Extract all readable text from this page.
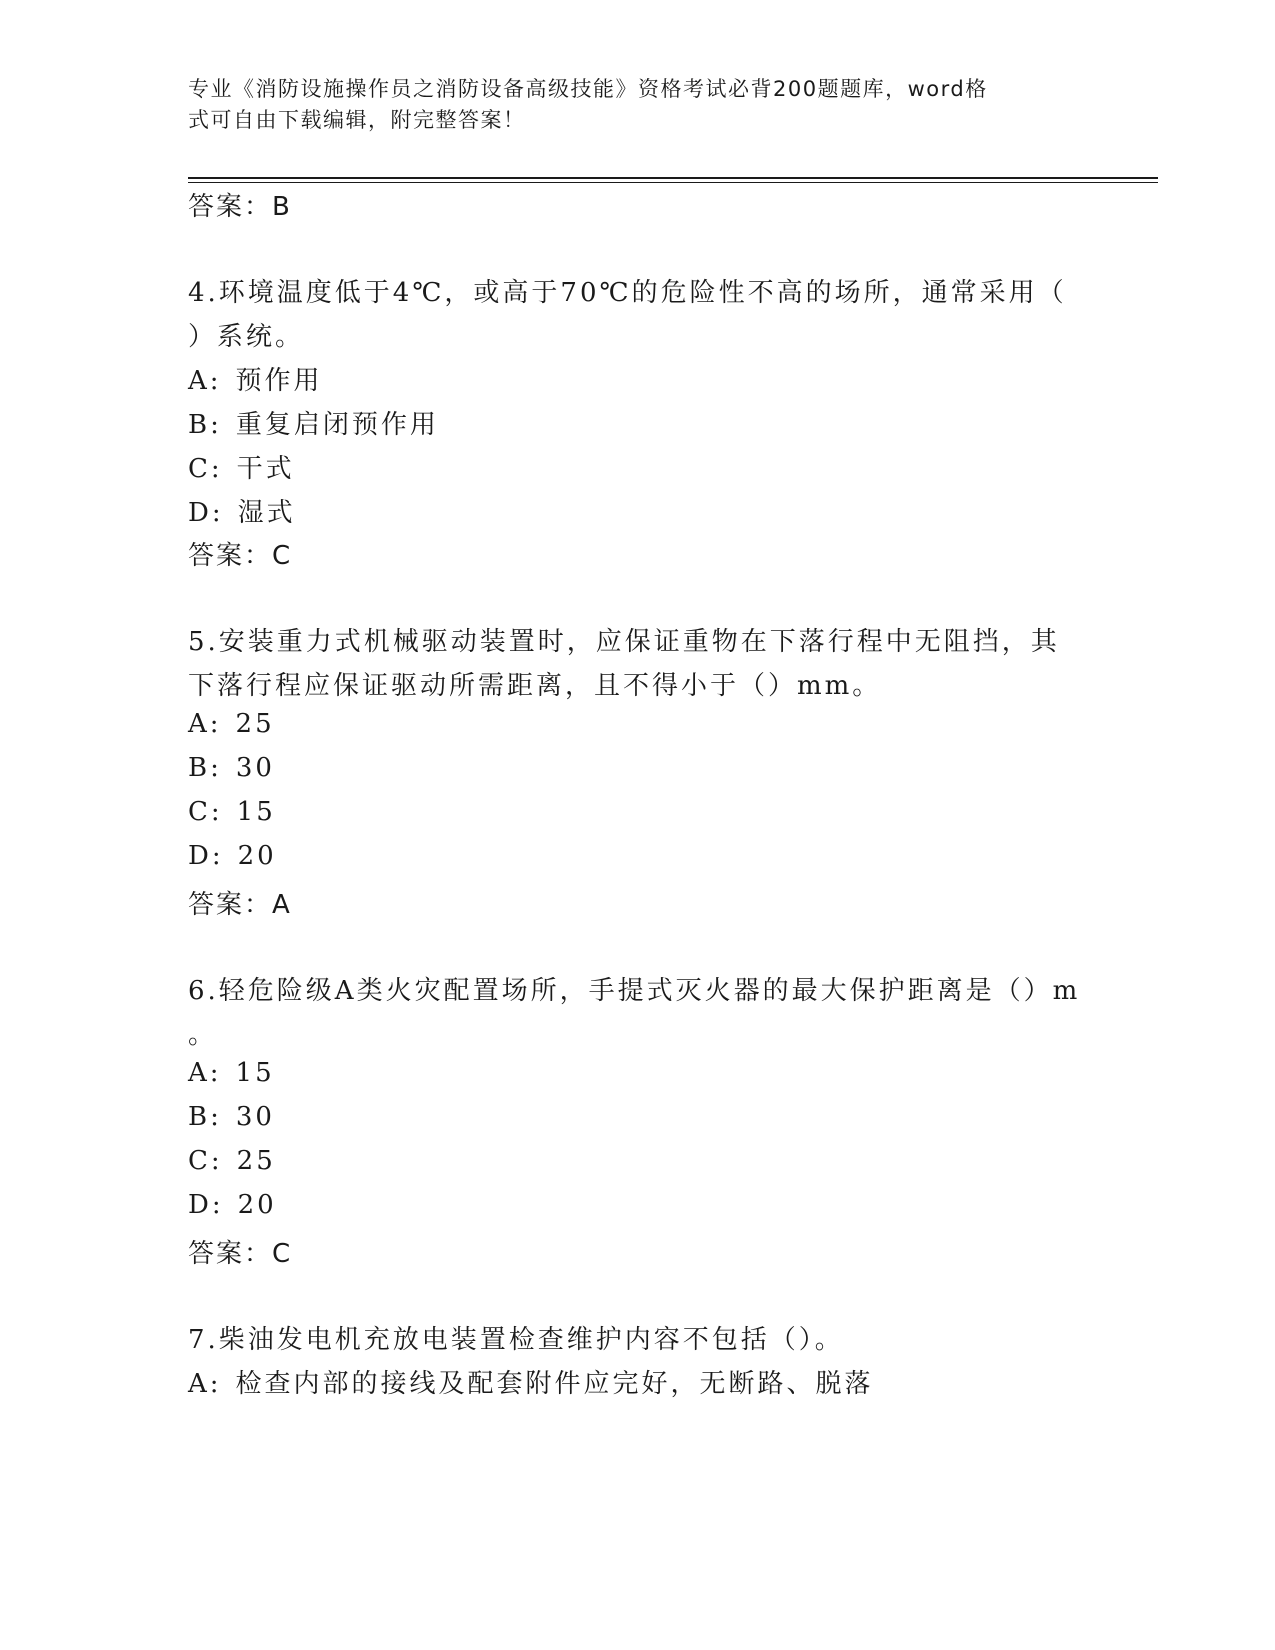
专业《消防设施操作员之消防设备高级技能》资格考试必背200题题库，word格
式可自由下载编辑，附完整答案！
答案：B
4.环境温度低于4℃，或高于70℃的危险性不高的场所，通常采用（
）系统。
A: 预作用
B: 重复启闭预作用
C: 干式
D: 湿式
答案：C
5.安装重力式机械驱动装置时，应保证重物在下落行程中无阻挡，其
下落行程应保证驱动所需距离，且不得小于（）mm。
A: 25
B: 30
C: 15
D: 20
答案：A
6.轻危险级A类火灾配置场所，手提式灭火器的最大保护距离是（）m
。
A: 15
B: 30
C: 25
D: 20
答案：C
7.柴油发电机充放电装置检查维护内容不包括（）。
A: 检查内部的接线及配套附件应完好，无断路、脱落
